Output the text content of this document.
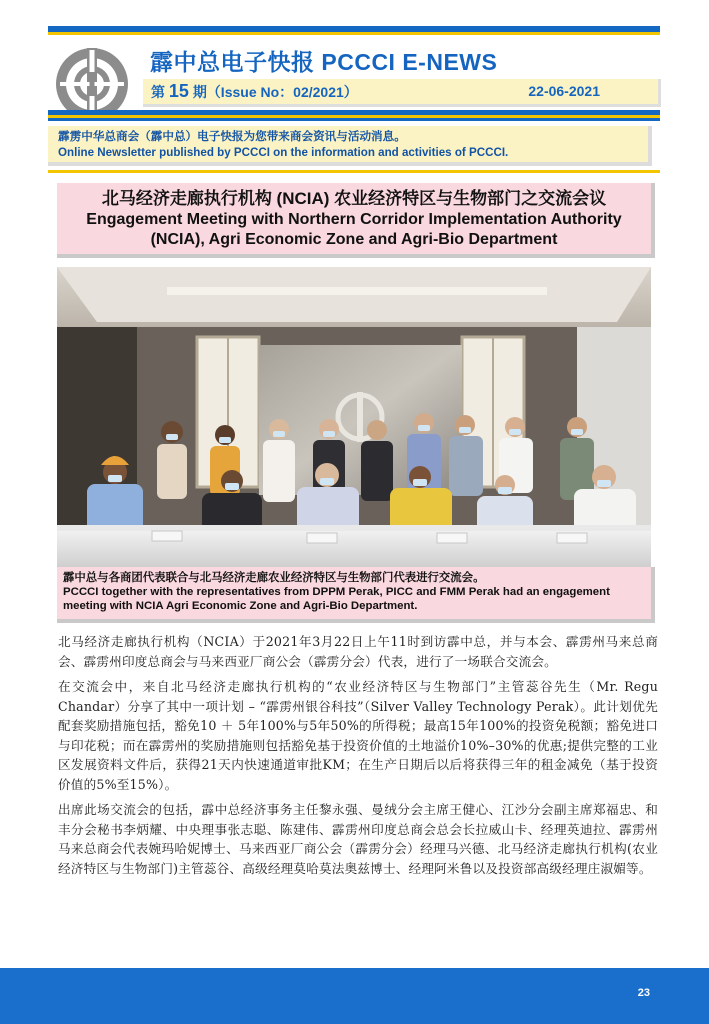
霹中总电子快报 PCCCI E-NEWS
第 15 期（Issue No：02/2021）	22-06-2021
霹雳中华总商会（霹中总）电子快报为您带来商会资讯与活动消息。
Online Newsletter published by PCCCI on the information and activities of PCCCI.
北马经济走廊执行机构 (NCIA) 农业经济特区与生物部门之交流会议
Engagement Meeting with Northern Corridor Implementation Authority (NCIA), Agri Economic Zone and Agri-Bio Department
霹中总与各商团代表联合与北马经济走廊农业经济特区与生物部门代表进行交流会。
PCCCI together with the representatives from DPPM Perak, PICC and FMM Perak had an engagement meeting with NCIA Agri Economic Zone and Agri-Bio Department.

北马经济走廊执行机构（NCIA）于2021年3月22日上午11时到访霹中总，并与本会、霹雳州马来总商会、霹雳州印度总商会与马来西亚厂商公会（霹雳分会）代表，进行了一场联合交流会。

在交流会中，来自北马经济走廊执行机构的“农业经济特区与生物部门”主管蕊谷先生（Mr. Regu Chandar）分享了其中一项计划 – “霹雳州银谷科技”（Silver Valley Technology Perak）。此计划优先配套奖励措施包括，豁免10 ＋ 5年100%与5年50%的所得税；最高15年100%的投资免税额；豁免进口与印花税；而在霹雳州的奖励措施则包括豁免基于投资价值的土地溢价10%–30%的优惠;提供完整的工业区发展资料文件后，获得21天内快速通道审批KM；在生产日期后以后将获得三年的租金减免（基于投资价值的5%至15%）。

出席此场交流会的包括，霹中总经济事务主任黎永强、曼绒分会主席王健心、江沙分会副主席郑福忠、和丰分会秘书李炳耀、中央理事张志聪、陈建伟、霹雳州印度总商会总会长拉威山卡、经理英迪拉、霹雳州马来总商会代表婉玛哈妮博士、马来西亚厂商公会（霹雳分会）经理马兴德、北马经济走廊执行机构(农业经济特区与生物部门)主管蕊谷、高级经理莫哈莫法奥兹博士、经理阿米鲁以及投资部高级经理庄淑媚等。

23
